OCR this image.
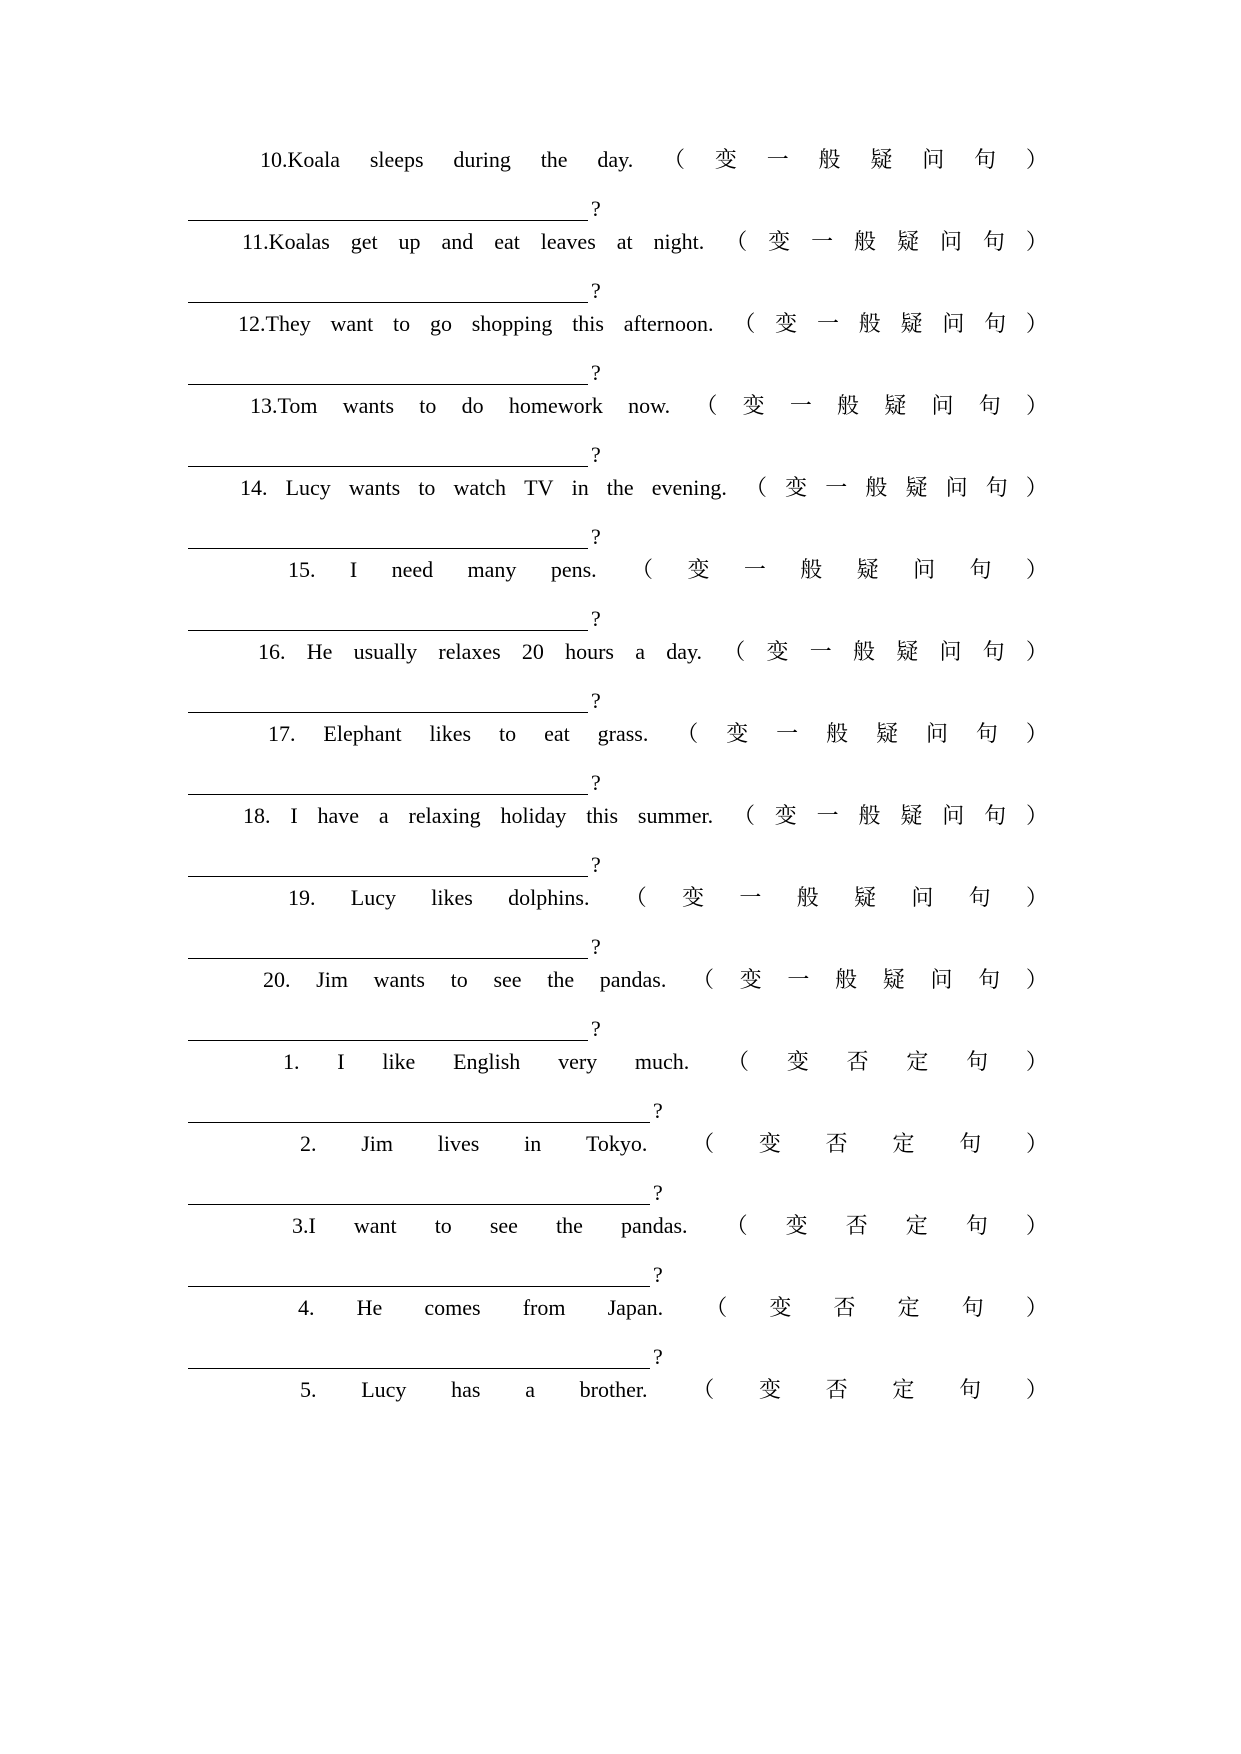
10.Koala sleeps during the day. （ 变 一 般 疑 问 句 ）
?
11.Koalas get up and eat leaves at night. （ 变 一 般 疑 问 句 ）
?
12.They want to go shopping this afternoon. （ 变 一 般 疑 问 句 ）
?
13.Tom wants to do homework now. （ 变 一 般 疑 问 句 ）
?
14. Lucy wants to watch TV in the evening. （ 变 一 般 疑 问 句 ）
?
15. I need many pens. （ 变 一 般 疑 问 句 ）
?
16. He usually relaxes 20 hours a day. （ 变 一 般 疑 问 句 ）
?
17. Elephant likes to eat grass. （ 变 一 般 疑 问 句 ）
?
18. I have a relaxing holiday this summer. （ 变 一 般 疑 问 句 ）
?
19. Lucy likes dolphins. （ 变 一 般 疑 问 句 ）
?
20. Jim wants to see the pandas. （ 变 一 般 疑 问 句 ）
?
1. I like English very much. （ 变 否 定 句 ）
?
2. Jim lives in Tokyo. （ 变 否 定 句 ）
?
3.I want to see the pandas. （ 变 否 定 句 ）
?
4. He comes from Japan. （ 变 否 定 句 ）
?
5. Lucy has a brother. （ 变 否 定 句 ）
